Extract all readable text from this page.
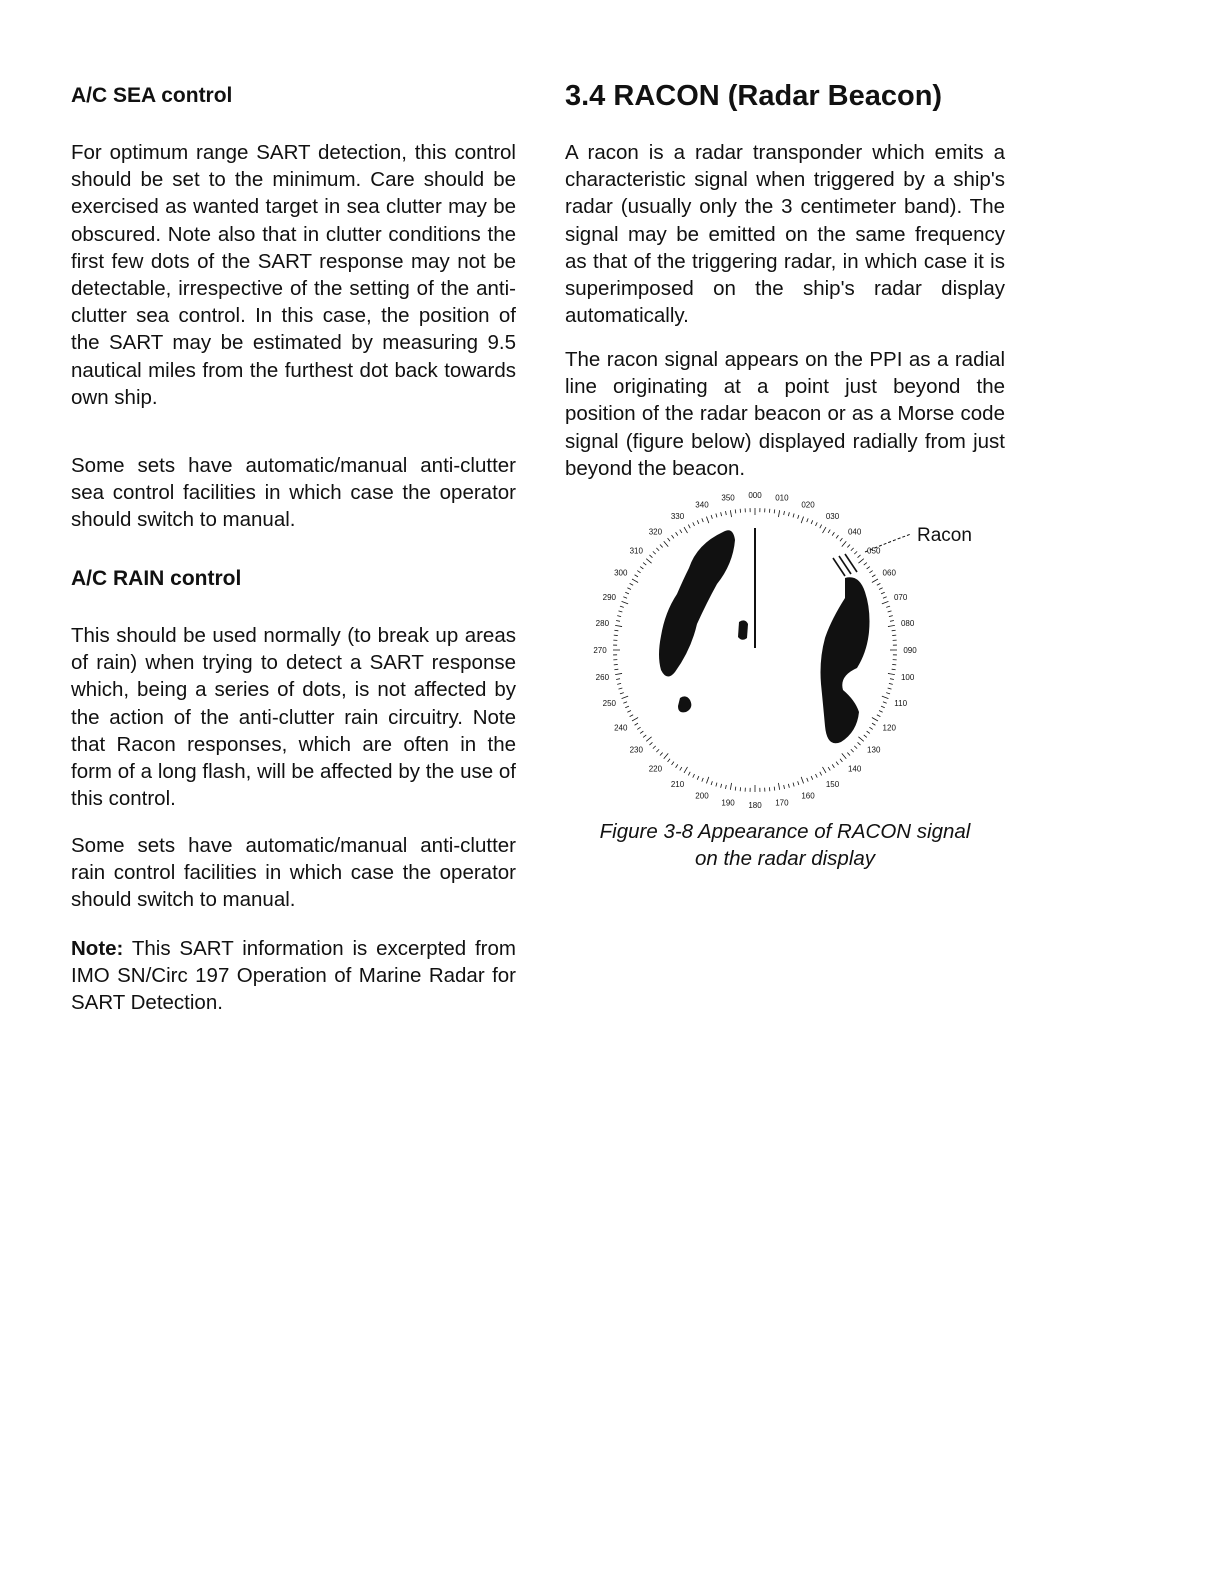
A/C SEA control

For optimum range SART detection, this control should be set to the minimum. Care should be exercised as wanted target in sea clutter may be obscured. Note also that in clutter conditions the first few dots of the SART response may not be detectable, irrespective of the setting of the anti-clutter sea control. In this case, the position of the SART may be estimated by measuring 9.5 nautical miles from the furthest dot back towards own ship.

Some sets have automatic/manual anti-clutter sea control facilities in which case the operator should switch to manual.

A/C RAIN control

This should be used normally (to break up areas of rain) when trying to detect a SART response which, being a series of dots, is not affected by the action of the anti-clutter rain circuitry. Note that Racon responses, which are often in the form of a long flash, will be affected by the use of this control.

Some sets have automatic/manual anti-clutter rain control facilities in which case the operator should switch to manual.

Note: This SART information is excerpted from IMO SN/Circ 197 Operation of Marine Radar for SART Detection.

3.4 RACON (Radar Beacon)

A racon is a radar transponder which emits a characteristic signal when triggered by a ship's radar (usually only the 3 centimeter band). The signal may be emitted on the same frequency as that of the triggering radar, in which case it is superimposed on the ship's radar display automatically.

The racon signal appears on the PPI as a radial line originating at a point just beyond the position of the radar beacon or as a Morse code signal (figure below) displayed radially from just beyond the beacon.

000 010
020
030
040
050
060
070
080
090
100
110
120
130
140
150
160
170
180
190
200
210
220
230
240
250
260
270
280
290
300
310
320
330
340
350
Racon
Figure 3-8 Appearance of RACON signal
on the radar display
